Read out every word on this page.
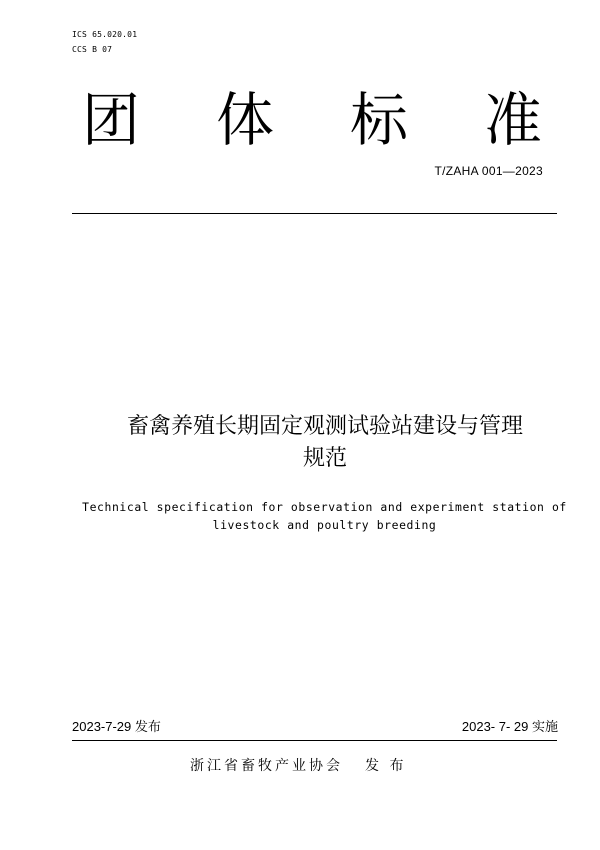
ICS 65.020.01
CCS B 07
团 体 标 准
T/ZAHA 001—2023
畜禽养殖长期固定观测试验站建设与管理
规范
Technical specification for observation and experiment station of
livestock and poultry breeding
2023-7-29 发布	2023- 7- 29 实施
浙江省畜牧产业协会 发 布
